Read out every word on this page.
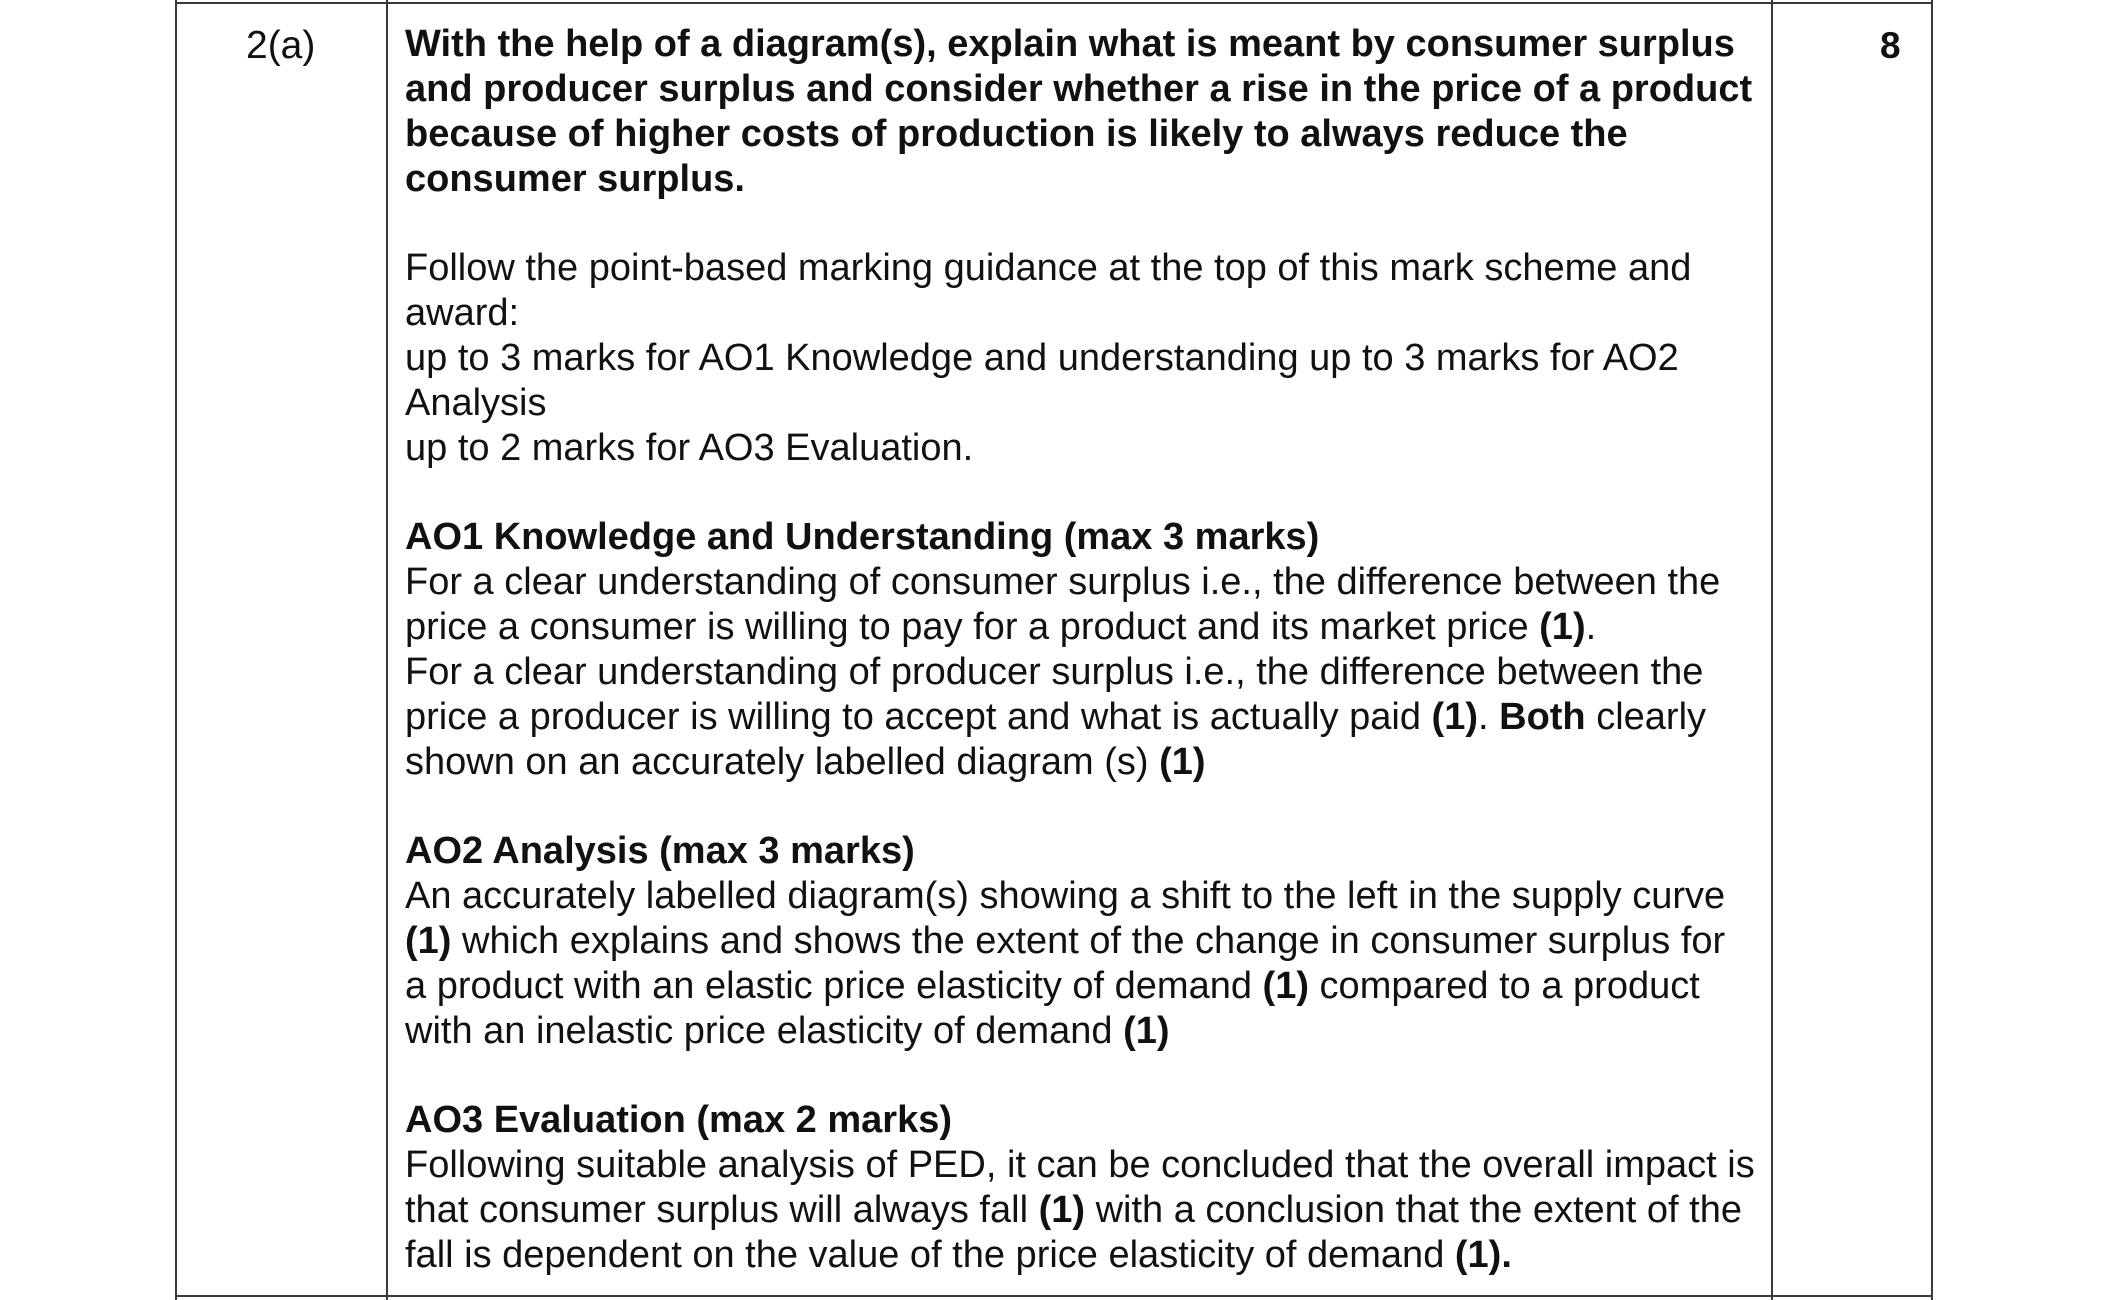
2(a)	8

With the help of a diagram(s), explain what is meant by consumer surplus and producer surplus and consider whether a rise in the price of a product because of higher costs of production is likely to always reduce the consumer surplus.

Follow the point-based marking guidance at the top of this mark scheme and award:

up to 3 marks for AO1 Knowledge and understanding up to 3 marks for AO2 Analysis

up to 2 marks for AO3 Evaluation.

AO1 Knowledge and Understanding (max 3 marks)

For a clear understanding of consumer surplus i.e., the difference between the price a consumer is willing to pay for a product and its market price (1).

For a clear understanding of producer surplus i.e., the difference between the price a producer is willing to accept and what is actually paid (1). Both clearly shown on an accurately labelled diagram (s) (1)

AO2 Analysis (max 3 marks)

An accurately labelled diagram(s) showing a shift to the left in the supply curve (1) which explains and shows the extent of the change in consumer surplus for a product with an elastic price elasticity of demand (1) compared to a product with an inelastic price elasticity of demand (1)

AO3 Evaluation (max 2 marks)

Following suitable analysis of PED, it can be concluded that the overall impact is that consumer surplus will always fall (1) with a conclusion that the extent of the fall is dependent on the value of the price elasticity of demand (1).
